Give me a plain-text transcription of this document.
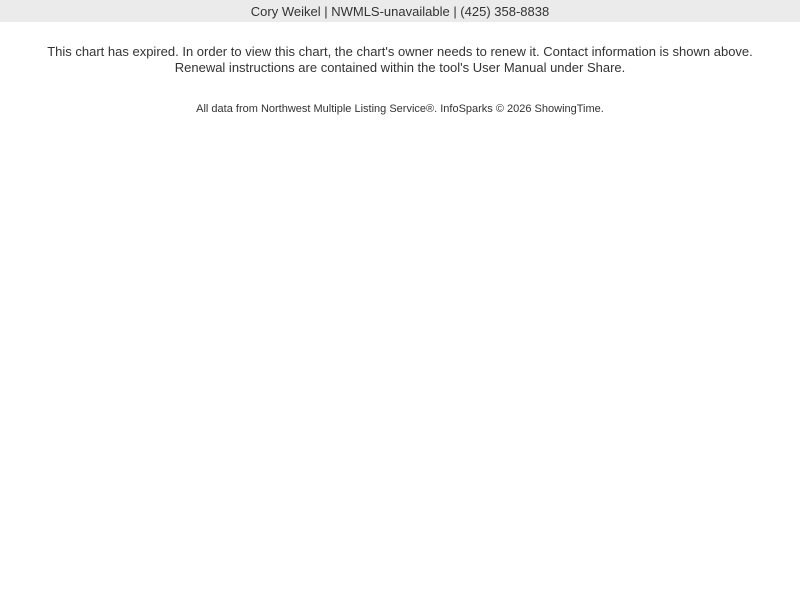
Cory Weikel | NWMLS-unavailable | (425) 358-8838
This chart has expired. In order to view this chart, the chart's owner needs to renew it. Contact information is shown above. Renewal instructions are contained within the tool's User Manual under Share.
All data from Northwest Multiple Listing Service®. InfoSparks © 2026 ShowingTime.
